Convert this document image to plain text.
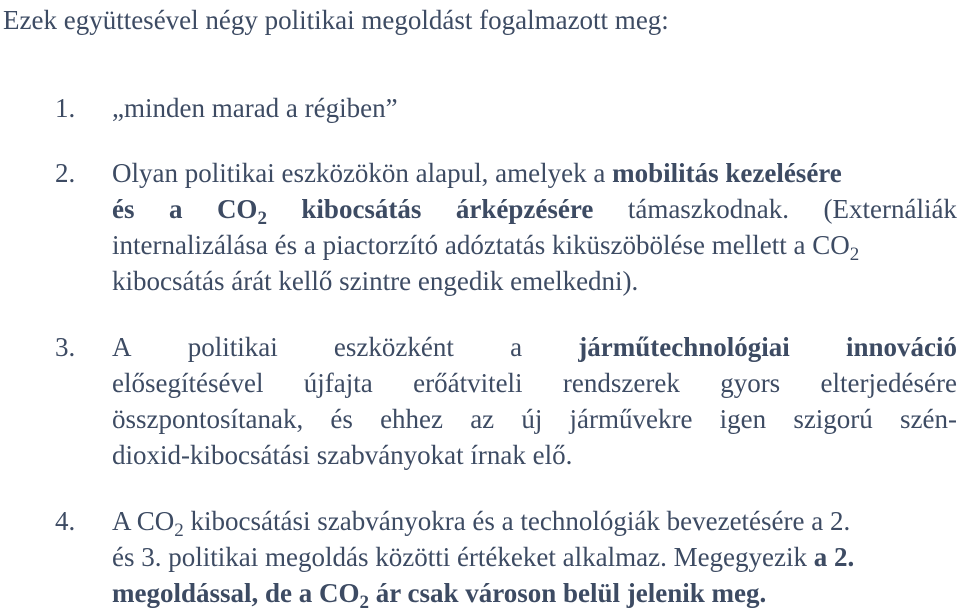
Ezek együttesével négy politikai megoldást fogalmazott meg:

1. „minden marad a régiben”
2. Olyan politikai eszközökön alapul, amelyek a mobilitás kezelésére
és a $CO_2$ kibocsátás árképzésére támaszkodnak. (Externáliák
internalizálása és a piactorzító adóztatás kiküszöbölése mellett a $CO_2$
kibocsátás árát kellő szintre engedik emelkedni).
3. A politikai eszközként a járműtechnológiai innováció
elősegítésével újfajta erőátviteli rendszerek gyors elterjedésére
összpontosítanak, és ehhez az új járművekre igen szigorú szén-
dioxid-kibocsátási szabványokat írnak elő.
4. A $CO_2$ kibocsátási szabványokra és a technológiák bevezetésére a 2.
és 3. politikai megoldás közötti értékeket alkalmaz. Megegyezik a 2.
megoldással, de a $CO_2$ ár csak városon belül jelenik meg.
